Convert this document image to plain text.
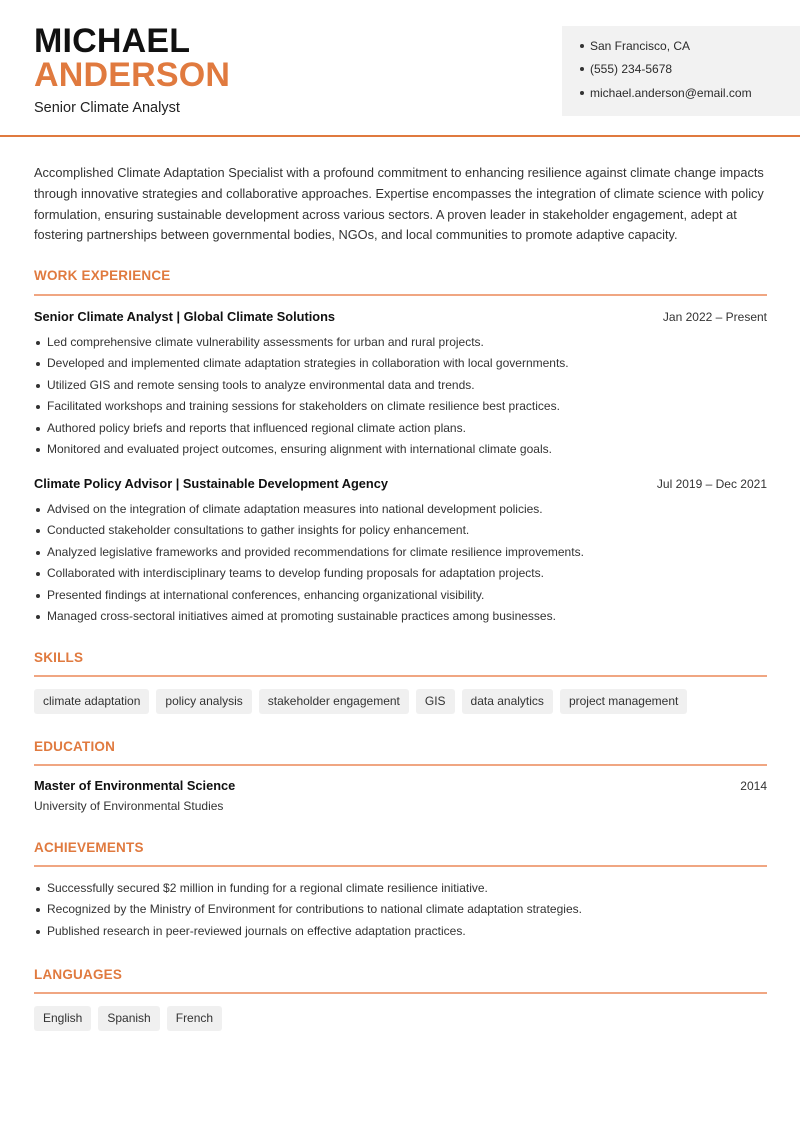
MICHAEL
ANDERSON
Senior Climate Analyst
San Francisco, CA
(555) 234-5678
michael.anderson@email.com

Accomplished Climate Adaptation Specialist with a profound commitment to enhancing resilience against climate change impacts through innovative strategies and collaborative approaches. Expertise encompasses the integration of climate science with policy formulation, ensuring sustainable development across various sectors. A proven leader in stakeholder engagement, adept at fostering partnerships between governmental bodies, NGOs, and local communities to promote adaptive capacity.

WORK EXPERIENCE
Senior Climate Analyst | Global Climate Solutions	Jan 2022 – Present
Led comprehensive climate vulnerability assessments for urban and rural projects.
Developed and implemented climate adaptation strategies in collaboration with local governments.
Utilized GIS and remote sensing tools to analyze environmental data and trends.
Facilitated workshops and training sessions for stakeholders on climate resilience best practices.
Authored policy briefs and reports that influenced regional climate action plans.
Monitored and evaluated project outcomes, ensuring alignment with international climate goals.
Climate Policy Advisor | Sustainable Development Agency	Jul 2019 – Dec 2021
Advised on the integration of climate adaptation measures into national development policies.
Conducted stakeholder consultations to gather insights for policy enhancement.
Analyzed legislative frameworks and provided recommendations for climate resilience improvements.
Collaborated with interdisciplinary teams to develop funding proposals for adaptation projects.
Presented findings at international conferences, enhancing organizational visibility.
Managed cross-sectoral initiatives aimed at promoting sustainable practices among businesses.
SKILLS
climate adaptation	policy analysis	stakeholder engagement	GIS	data analytics	project management
EDUCATION
Master of Environmental Science	2014
University of Environmental Studies
ACHIEVEMENTS
Successfully secured $2 million in funding for a regional climate resilience initiative.
Recognized by the Ministry of Environment for contributions to national climate adaptation strategies.
Published research in peer-reviewed journals on effective adaptation practices.
LANGUAGES
English	Spanish	French
